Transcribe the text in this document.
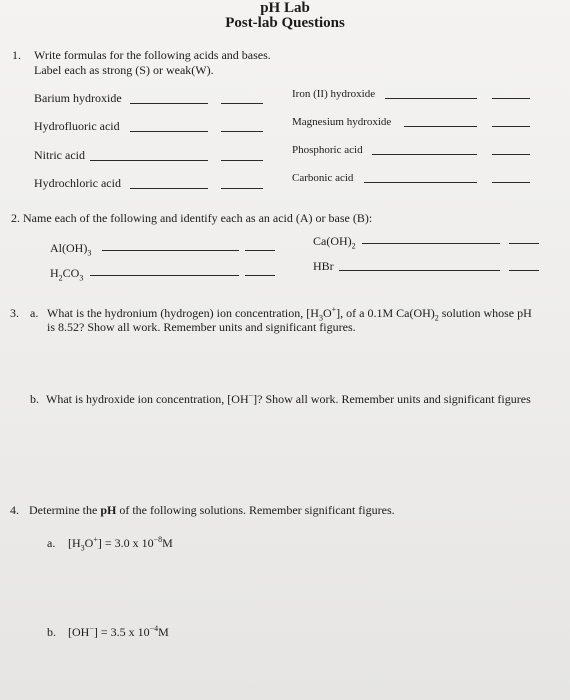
pH Lab
Post-lab Questions
1. Write formulas for the following acids and bases.
Label each as strong (S) or weak(W).
Barium hydroxide
Hydrofluoric acid
Nitric acid
Hydrochloric acid
Iron (II) hydroxide
Magnesium hydroxide
Phosphoric acid
Carbonic acid
2. Name each of the following and identify each as an acid (A) or base (B):
$Al(OH)_3$
$H_2CO_3$
$Ca(OH)_2$
HBr
3. a. What is the hydronium (hydrogen) ion concentration, $[H_3O^+]$, of a 0.1M $Ca(OH)_2$ solution whose pH
is 8.52? Show all work. Remember units and significant figures.
b. What is hydroxide ion concentration, [OH−]? Show all work. Remember units and significant figures
4. Determine the pH of the following solutions. Remember significant figures.
a. $[H_3O^+] = 3.0$ x $10^{-8}M$
b. [OH−] = 3.5 x $10^{-4}M$
